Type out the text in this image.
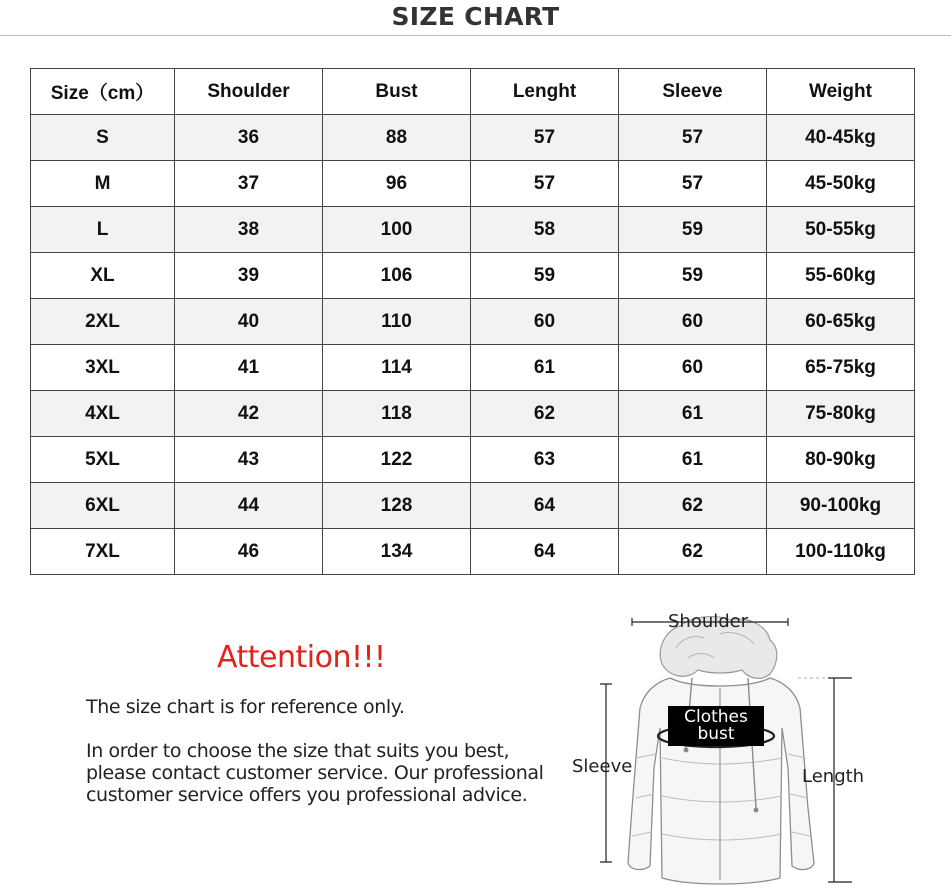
SIZE CHART
Size（cm）	Shoulder	Bust	Lenght	Sleeve	Weight
S	36	88	57	57	40-45kg
M	37	96	57	57	45-50kg
L	38	100	58	59	50-55kg
XL	39	106	59	59	55-60kg
2XL	40	110	60	60	60-65kg
3XL	41	114	61	60	65-75kg
4XL	42	118	62	61	75-80kg
5XL	43	122	63	61	80-90kg
6XL	44	128	64	62	90-100kg
7XL	46	134	64	62	100-110kg
Attention!!!
The size chart is for reference only.
In order to choose the size that suits you best, please contact customer service. Our professional customer service offers you professional advice.
Shoulder
Clothes
bust
Sleeve	Length
